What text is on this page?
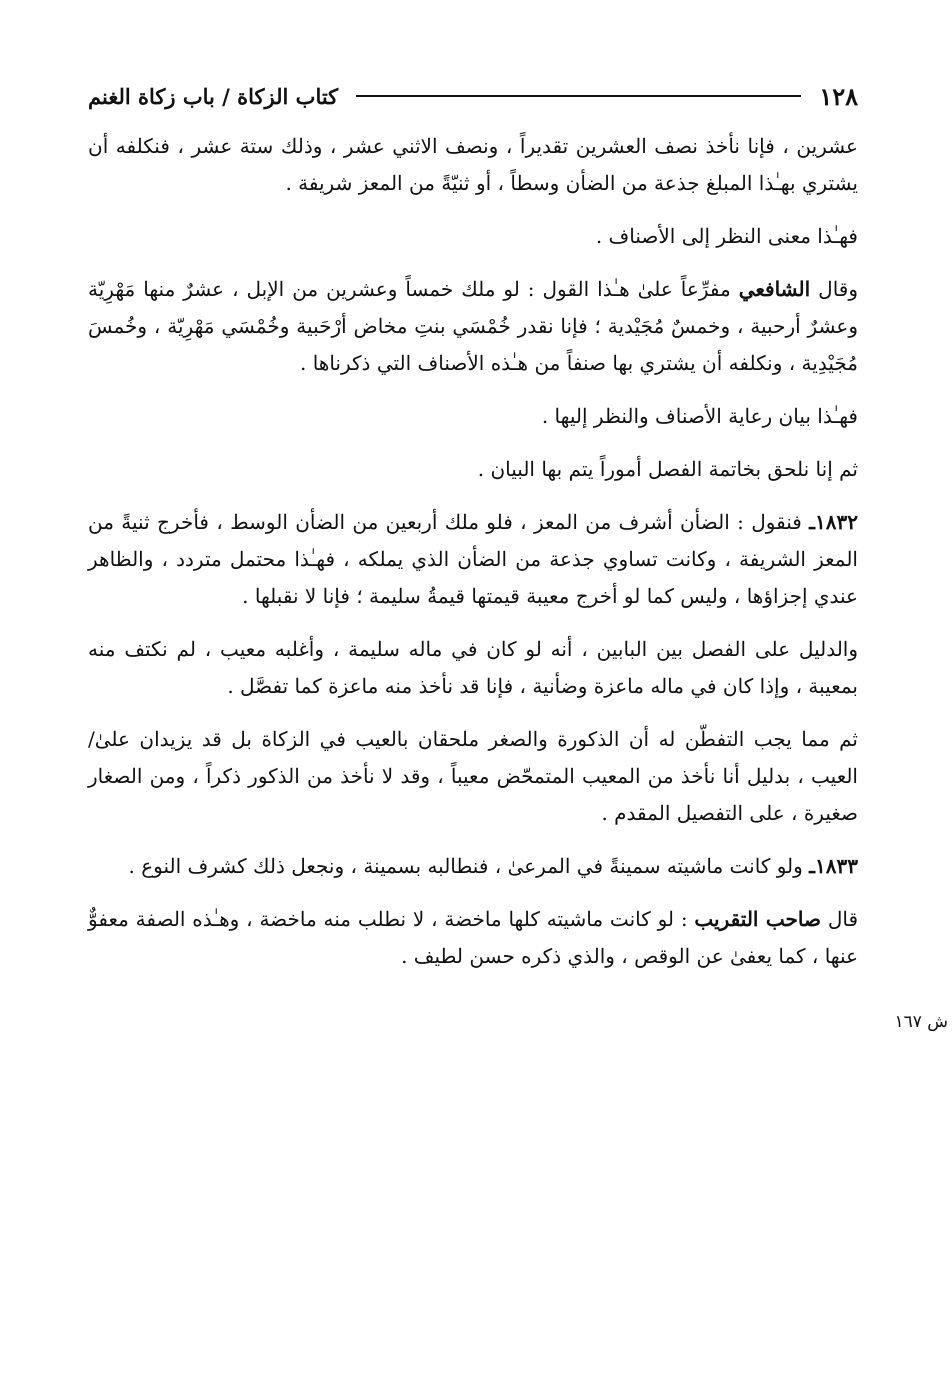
١٢٨
كتاب الزكاة / باب زكاة الغنم
ش ١٦٧

عشرين ، فإنا نأخذ نصف العشرين تقديراً ، ونصف الاثني عشر ، وذلك ستة عشر ، فنكلفه أن يشتري بهـٰذا المبلغ جذعة من الضأن وسطاً ، أو ثنيّةً من المعز شريفة .

فهـٰذا معنى النظر إلى الأصناف .

وقال الشافعي مفرِّعاً علىٰ هـٰذا القول : لو ملك خمساً وعشرين من الإبل ، عشرٌ منها مَهْرِيّة وعشرٌ أرحبية ، وخمسٌ مُجَيْدية ؛ فإنا نقدر خُمْسَي بنتِ مخاض أرْحَبية وخُمْسَي مَهْرِيّة ، وخُمسَ مُجَيْدِية ، ونكلفه أن يشتري بها صنفاً من هـٰذه الأصناف التي ذكرناها .

فهـٰذا بيان رعاية الأصناف والنظر إليها .

ثم إنا نلحق بخاتمة الفصل أموراً يتم بها البيان .

١٨٣٢ـ فنقول : الضأن أشرف من المعز ، فلو ملك أربعين من الضأن الوسط ، فأخرج ثنيةً من المعز الشريفة ، وكانت تساوي جذعة من الضأن الذي يملكه ، فهـٰذا محتمل متردد ، والظاهر عندي إجزاؤها ، وليس كما لو أخرج معيبة قيمتها قيمةُ سليمة ؛ فإنا لا نقبلها .

والدليل على الفصل بين البابين ، أنه لو كان في ماله سليمة ، وأغلبه معيب ، لم نكتف منه بمعيبة ، وإذا كان في ماله ماعزة وضأنية ، فإنا قد نأخذ منه ماعزة كما تفصَّل .

ثم مما يجب التفطّن له أن الذكورة والصغر ملحقان بالعيب في الزكاة بل قد يزيدان علىٰ/ العيب ، بدليل أنا نأخذ من المعيب المتمحّض معيباً ، وقد لا نأخذ من الذكور ذكراً ، ومن الصغار صغيرة ، على التفصيل المقدم .

١٨٣٣ـ ولو كانت ماشيته سمينةً في المرعىٰ ، فنطالبه بسمينة ، ونجعل ذلك كشرف النوع .

قال صاحب التقريب : لو كانت ماشيته كلها ماخضة ، لا نطلب منه ماخضة ، وهـٰذه الصفة معفوٌّ عنها ، كما يعفىٰ عن الوقص ، والذي ذكره حسن لطيف .
